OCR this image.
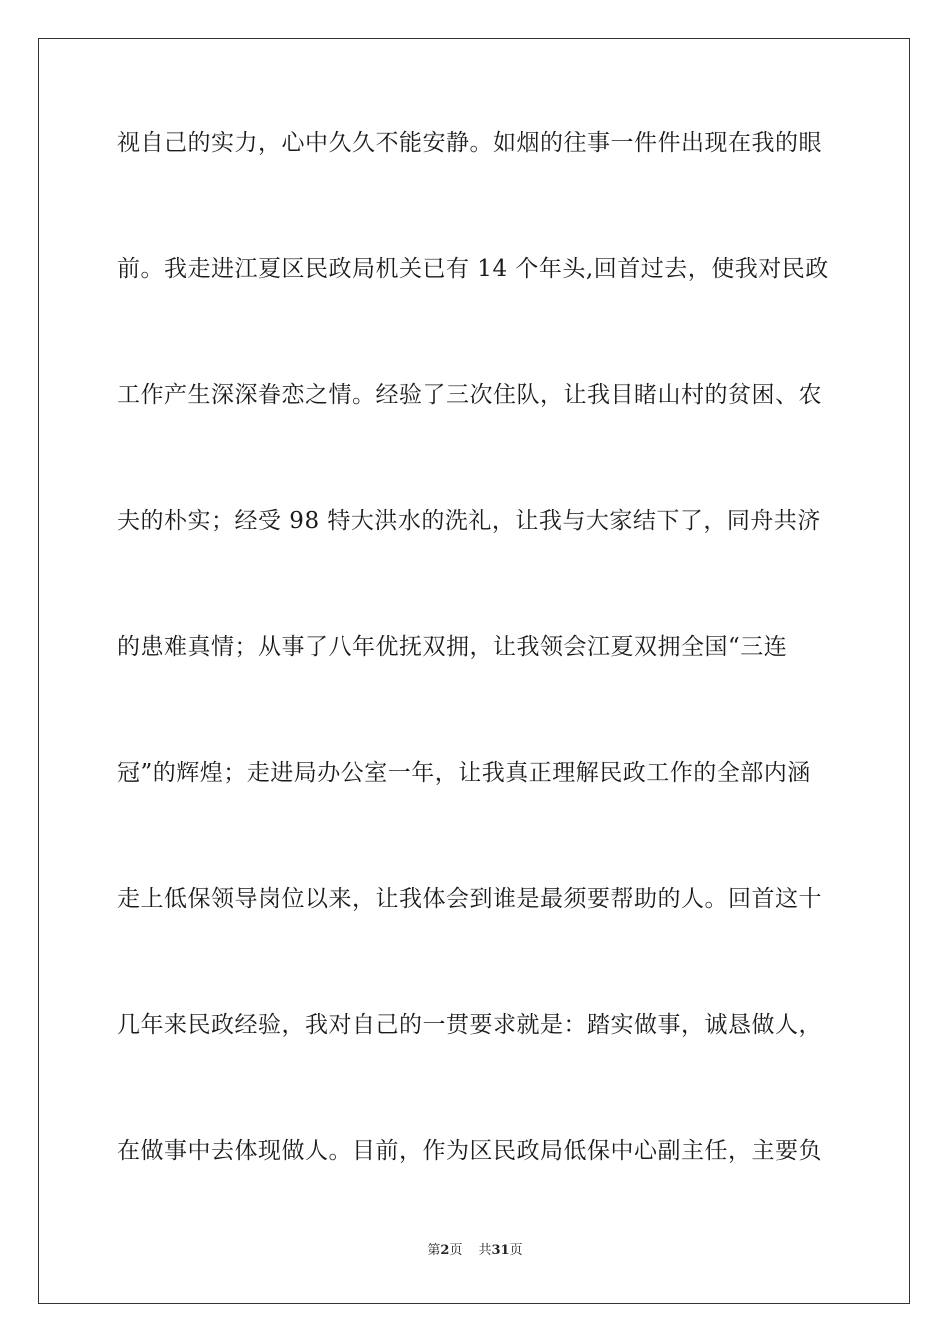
视自己的实力，心中久久不能安静。如烟的往事一件件出现在我的眼
前。我走进江夏区民政局机关已有 14 个年头,回首过去，使我对民政
工作产生深深眷恋之情。经验了三次住队，让我目睹山村的贫困、农
夫的朴实；经受 98 特大洪水的洗礼，让我与大家结下了，同舟共济
的患难真情；从事了八年优抚双拥，让我领会江夏双拥全国“三连
冠”的辉煌；走进局办公室一年，让我真正理解民政工作的全部内涵
走上低保领导岗位以来，让我体会到谁是最须要帮助的人。回首这十
几年来民政经验，我对自己的一贯要求就是：踏实做事，诚恳做人，
在做事中去体现做人。目前，作为区民政局低保中心副主任，主要负
第2页 共31页
